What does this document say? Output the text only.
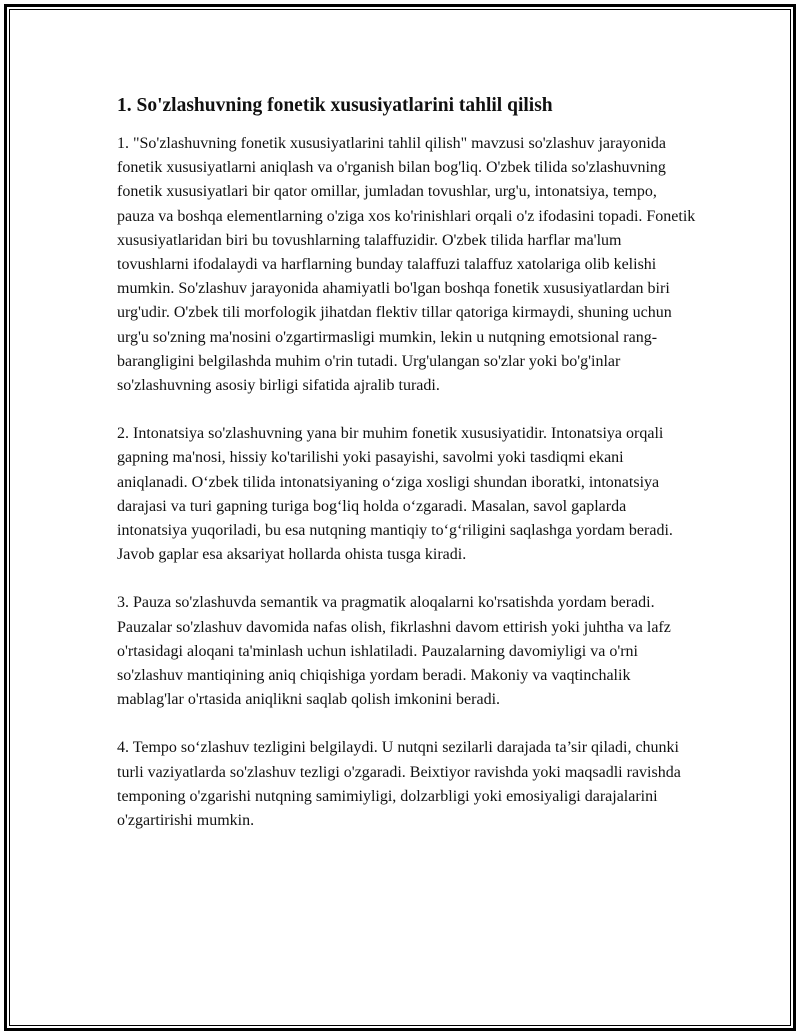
1. So'zlashuvning fonetik xususiyatlarini tahlil qilish

1. "So'zlashuvning fonetik xususiyatlarini tahlil qilish" mavzusi so'zlashuv jarayonida fonetik xususiyatlarni aniqlash va o'rganish bilan bog'liq. O'zbek tilida so'zlashuvning fonetik xususiyatlari bir qator omillar, jumladan tovushlar, urg'u, intonatsiya, tempo, pauza va boshqa elementlarning o'ziga xos ko'rinishlari orqali o'z ifodasini topadi. Fonetik xususiyatlaridan biri bu tovushlarning talaffuzidir. O'zbek tilida harflar ma'lum tovushlarni ifodalaydi va harflarning bunday talaffuzi talaffuz xatolariga olib kelishi mumkin. So'zlashuv jarayonida ahamiyatli bo'lgan boshqa fonetik xususiyatlardan biri urg'udir. O'zbek tili morfologik jihatdan flektiv tillar qatoriga kirmaydi, shuning uchun urg'u so'zning ma'nosini o'zgartirmasligi mumkin, lekin u nutqning emotsional rang-barangligini belgilashda muhim o'rin tutadi. Urg'ulangan so'zlar yoki bo'g'inlar so'zlashuvning asosiy birligi sifatida ajralib turadi.

2. Intonatsiya so'zlashuvning yana bir muhim fonetik xususiyatidir. Intonatsiya orqali gapning ma'nosi, hissiy ko'tarilishi yoki pasayishi, savolmi yoki tasdiqmi ekani aniqlanadi. O‘zbek tilida intonatsiyaning o‘ziga xosligi shundan iboratki, intonatsiya darajasi va turi gapning turiga bog‘liq holda o‘zgaradi. Masalan, savol gaplarda intonatsiya yuqoriladi, bu esa nutqning mantiqiy to‘g‘riligini saqlashga yordam beradi. Javob gaplar esa aksariyat hollarda ohista tusga kiradi.

3. Pauza so'zlashuvda semantik va pragmatik aloqalarni ko'rsatishda yordam beradi. Pauzalar so'zlashuv davomida nafas olish, fikrlashni davom ettirish yoki juhtha va lafz o'rtasidagi aloqani ta'minlash uchun ishlatiladi. Pauzalarning davomiyligi va o'rni so'zlashuv mantiqining aniq chiqishiga yordam beradi. Makoniy va vaqtinchalik mablag'lar o'rtasida aniqlikni saqlab qolish imkonini beradi.

4. Tempo so‘zlashuv tezligini belgilaydi. U nutqni sezilarli darajada ta’sir qiladi, chunki turli vaziyatlarda so'zlashuv tezligi o'zgaradi. Beixtiyor ravishda yoki maqsadli ravishda temponing o'zgarishi nutqning samimiyligi, dolzarbligi yoki emosiyaligi darajalarini o'zgartirishi mumkin.
